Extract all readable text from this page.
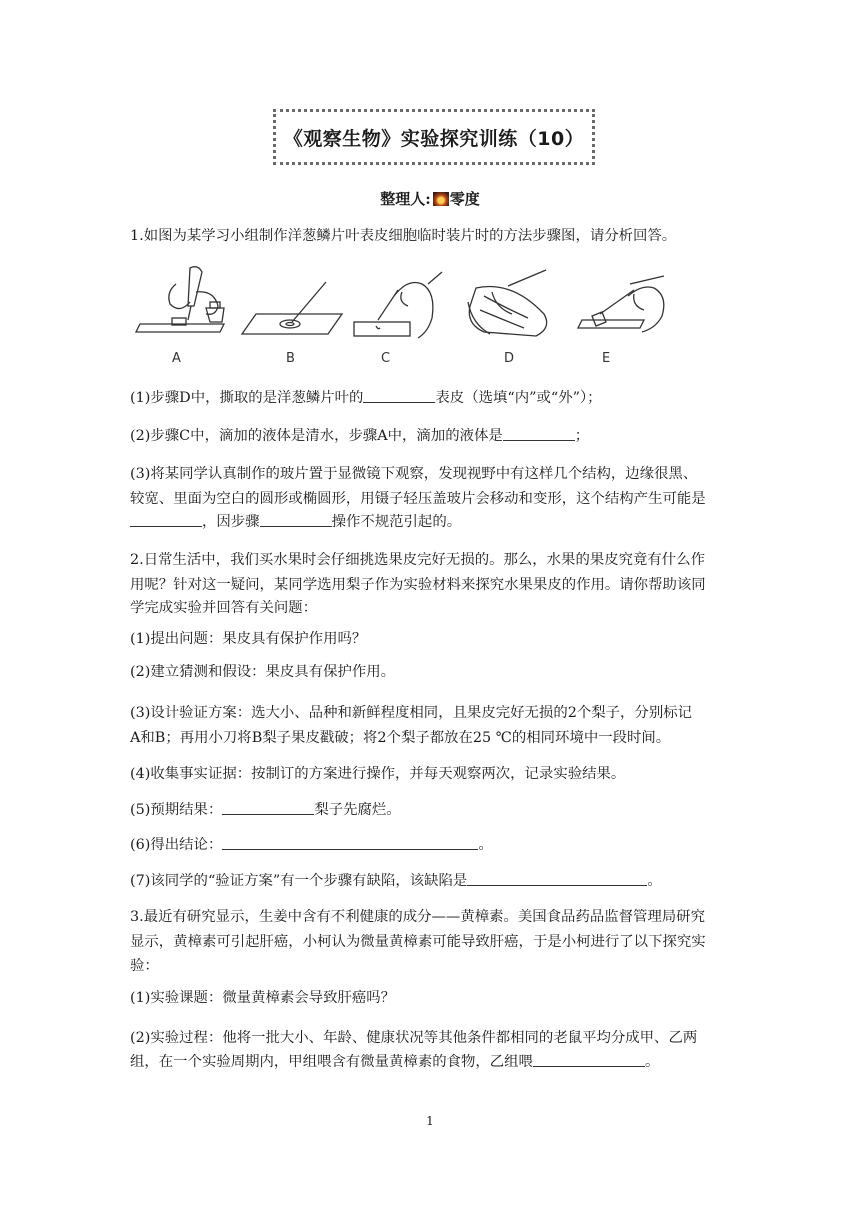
《观察生物》实验探究训练（10）
整理人: 零度
1.如图为某学习小组制作洋葱鳞片叶表皮细胞临时装片时的方法步骤图，请分析回答。
A	B	C	D	E
(1)步骤D中，撕取的是洋葱鳞片叶的	表皮（选填“内”或“外”）；
(2)步骤C中，滴加的液体是清水，步骤A中，滴加的液体是	；
(3)将某同学认真制作的玻片置于显微镜下观察，发现视野中有这样几个结构，边缘很黑、
较宽、里面为空白的圆形或椭圆形，用镊子轻压盖玻片会移动和变形，这个结构产生可能是
，因步骤	操作不规范引起的。
2.日常生活中，我们买水果时会仔细挑选果皮完好无损的。那么，水果的果皮究竟有什么作
用呢？针对这一疑问，某同学选用梨子作为实验材料来探究水果果皮的作用。请你帮助该同
学完成实验并回答有关问题：
(1)提出问题：果皮具有保护作用吗？
(2)建立猜测和假设：果皮具有保护作用。
(3)设计验证方案：选大小、品种和新鲜程度相同，且果皮完好无损的2个梨子，分别标记
A和B；再用小刀将B梨子果皮戳破；将2个梨子都放在25 ℃的相同环境中一段时间。
(4)收集事实证据：按制订的方案进行操作，并每天观察两次，记录实验结果。
(5)预期结果：	梨子先腐烂。
(6)得出结论：	。
(7)该同学的“验证方案”有一个步骤有缺陷，该缺陷是	。
3.最近有研究显示，生姜中含有不利健康的成分——黄樟素。美国食品药品监督管理局研究
显示，黄樟素可引起肝癌，小柯认为微量黄樟素可能导致肝癌，于是小柯进行了以下探究实
验：
(1)实验课题：微量黄樟素会导致肝癌吗？
(2)实验过程：他将一批大小、年龄、健康状况等其他条件都相同的老鼠平均分成甲、乙两
组，在一个实验周期内，甲组喂含有微量黄樟素的食物，乙组喂	。
1
